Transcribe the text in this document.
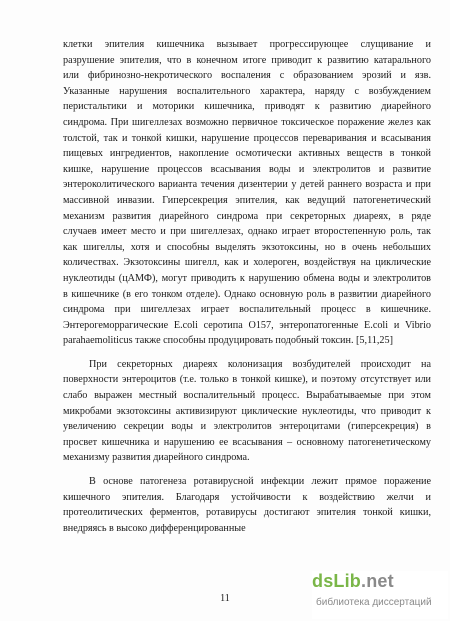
клетки эпителия кишечника вызывает прогрессирующее слущивание и
разрушение эпителия, что в конечном итоге приводит к развитию катарального
или фибринозно-некротического воспаления с образованием эрозий и язв.
Указанные нарушения воспалительного характера, наряду с возбуждением
перистальтики и моторики кишечника, приводят к развитию диарейного
синдрома. При шигеллезах возможно первичное токсическое поражение желез как
толстой, так и тонкой кишки, нарушение процессов переваривания и всасывания
пищевых ингредиентов, накопление осмотически активных веществ в тонкой
кишке, нарушение процессов всасывания воды и электролитов и развитие
энтероколитического варианта течения дизентерии у детей раннего возраста и при
массивной инвазии. Гиперсекреция эпителия, как ведущий патогенетический
механизм развития диарейного синдрома при секреторных диареях, в ряде
случаев имеет место и при шигеллезах, однако играет второстепенную роль, так
как шигеллы, хотя и способны выделять экзотоксины, но в очень небольших
количествах. Экзотоксины шигелл, как и холероген, воздействуя на циклические
нуклеотиды (цАМФ), могут приводить к нарушению обмена воды и электролитов
в кишечнике (в его тонком отделе). Однако основную роль в развитии диарейного
синдрома при шигеллезах играет воспалительный процесс в кишечнике.
Энтерогеморрагические E.coli серотипа O157, энтеропатогенные E.coli и Vibrio
parahaemoliticus также способны продуцировать подобный токсин. [5,11,25]
При секреторных диареях колонизация возбудителей происходит на
поверхности энтероцитов (т.е. только в тонкой кишке), и поэтому отсутствует или
слабо выражен местный воспалительный процесс. Вырабатываемые при этом
микробами экзотоксины активизируют циклические нуклеотиды, что приводит к
увеличению секреции воды и электролитов энтероцитами (гиперсекреция) в
просвет кишечника и нарушению ее всасывания – основному патогенетическому
механизму развития диарейного синдрома.
В основе патогенеза ротавирусной инфекции лежит прямое поражение
кишечного эпителия. Благодаря устойчивости к воздействию желчи и
протеолитических ферментов, ротавирусы достигают эпителия тонкой кишки,
внедряясь в высоко дифференцированные
11
dsLib.net
библиотека диссертаций
